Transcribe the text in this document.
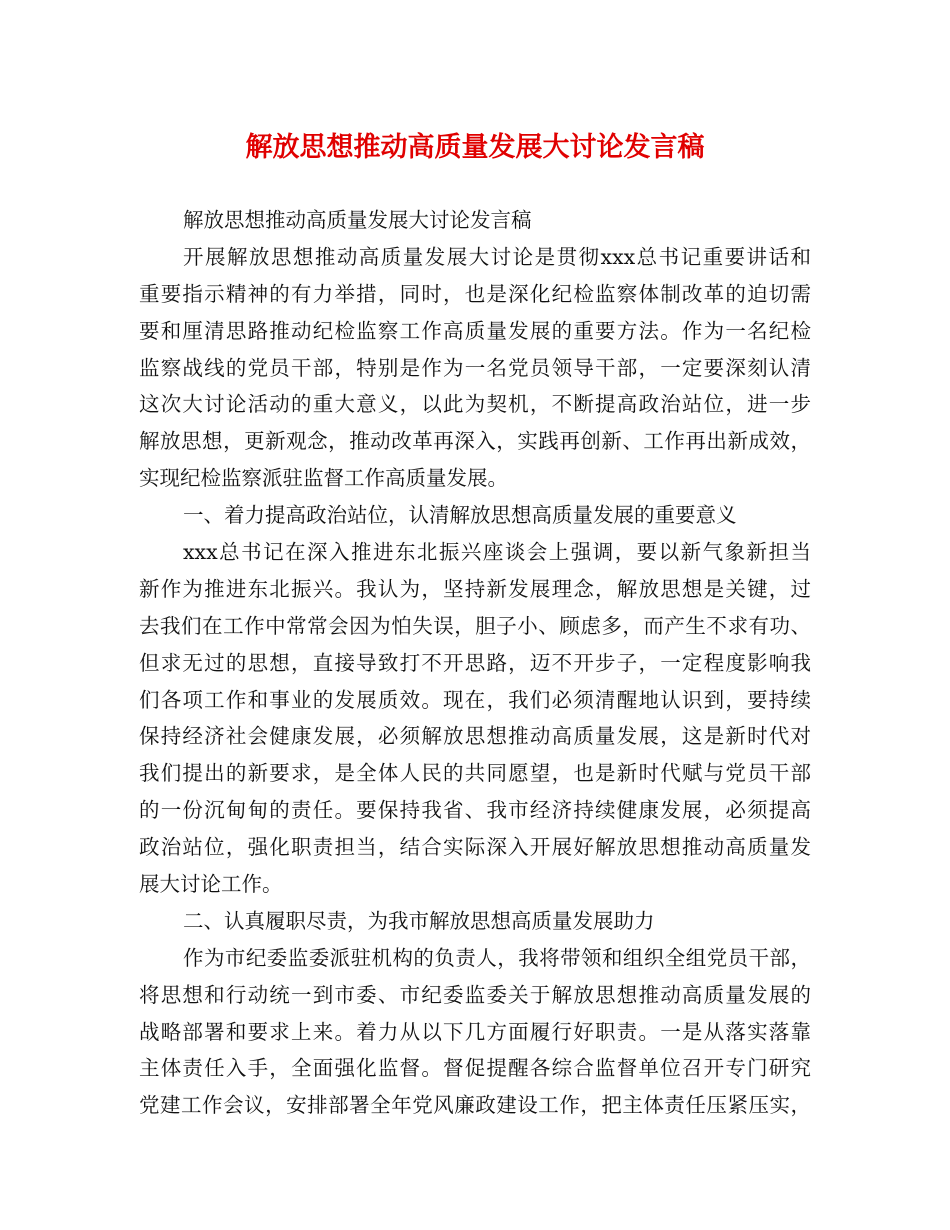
解放思想推动高质量发展大讨论发言稿
解放思想推动高质量发展大讨论发言稿
开展解放思想推动高质量发展大讨论是贯彻xxx总书记重要讲话和
重要指示精神的有力举措，同时，也是深化纪检监察体制改革的迫切需
要和厘清思路推动纪检监察工作高质量发展的重要方法。作为一名纪检
监察战线的党员干部，特别是作为一名党员领导干部，一定要深刻认清
这次大讨论活动的重大意义，以此为契机，不断提高政治站位，进一步
解放思想，更新观念，推动改革再深入，实践再创新、工作再出新成效，
实现纪检监察派驻监督工作高质量发展。
一、着力提高政治站位，认清解放思想高质量发展的重要意义
xxx总书记在深入推进东北振兴座谈会上强调，要以新气象新担当
新作为推进东北振兴。我认为，坚持新发展理念，解放思想是关键，过
去我们在工作中常常会因为怕失误，胆子小、顾虑多，而产生不求有功、
但求无过的思想，直接导致打不开思路，迈不开步子，一定程度影响我
们各项工作和事业的发展质效。现在，我们必须清醒地认识到，要持续
保持经济社会健康发展，必须解放思想推动高质量发展，这是新时代对
我们提出的新要求，是全体人民的共同愿望，也是新时代赋与党员干部
的一份沉甸甸的责任。要保持我省、我市经济持续健康发展，必须提高
政治站位，强化职责担当，结合实际深入开展好解放思想推动高质量发
展大讨论工作。
二、认真履职尽责，为我市解放思想高质量发展助力
作为市纪委监委派驻机构的负责人，我将带领和组织全组党员干部，
将思想和行动统一到市委、市纪委监委关于解放思想推动高质量发展的
战略部署和要求上来。着力从以下几方面履行好职责。一是从落实落靠
主体责任入手，全面强化监督。督促提醒各综合监督单位召开专门研究
党建工作会议，安排部署全年党风廉政建设工作，把主体责任压紧压实，
